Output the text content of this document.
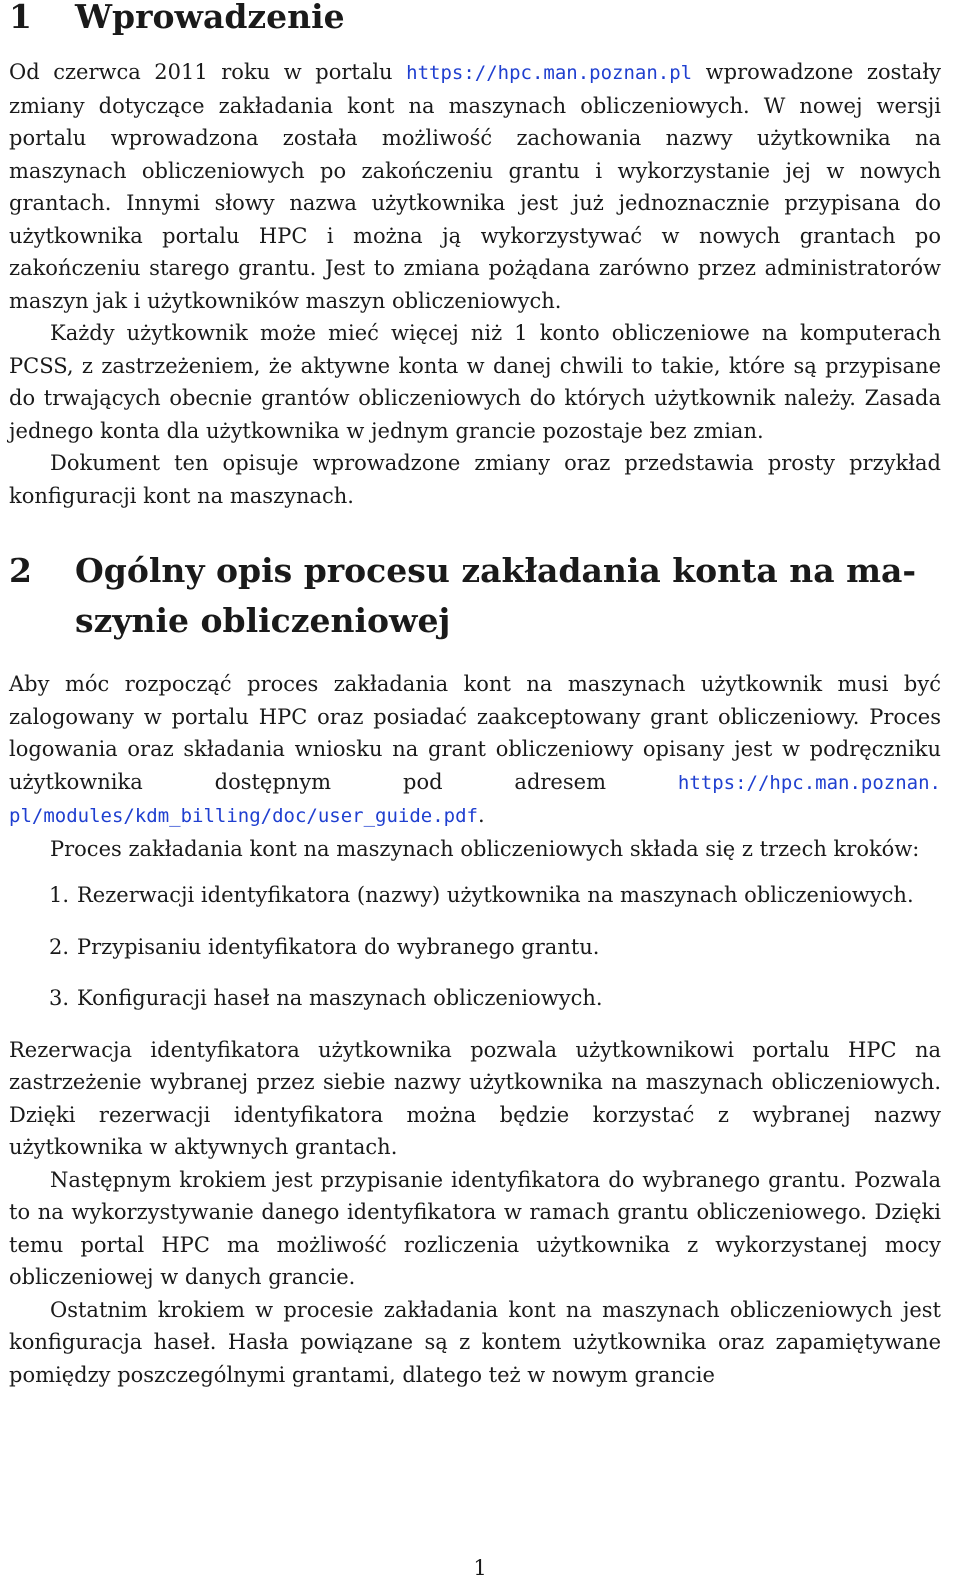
1	Wprowadzenie

Od czerwca 2011 roku w portalu https://hpc.man.poznan.pl wprowadzone zostały zmiany dotyczące zakładania kont na maszynach obliczeniowych. W nowej wersji portalu wprowadzona została możliwość zachowania nazwy użytkownika na maszynach obliczeniowych po zakończeniu grantu i wykorzystanie jej w nowych grantach. Innymi słowy nazwa użytkownika jest już jednoznacznie przypisana do użytkownika portalu HPC i można ją wykorzystywać w nowych grantach po zakończeniu starego grantu. Jest to zmiana pożądana zarówno przez administratorów maszyn jak i użytkowników maszyn obliczeniowych.

Każdy użytkownik może mieć więcej niż 1 konto obliczeniowe na komputerach PCSS, z zastrzeżeniem, że aktywne konta w danej chwili to takie, które są przypisane do trwających obecnie grantów obliczeniowych do których użytkownik należy. Zasada jednego konta dla użytkownika w jednym grancie pozostaje bez zmian.

Dokument ten opisuje wprowadzone zmiany oraz przedstawia prosty przykład konfiguracji kont na maszynach.

2	Ogólny opis procesu zakładania konta na maszynie obliczeniowej

Aby móc rozpocząć proces zakładania kont na maszynach użytkownik musi być zalogowany w portalu HPC oraz posiadać zaakceptowany grant obliczeniowy. Proces logowania oraz składania wniosku na grant obliczeniowy opisany jest w podręczniku użytkownika dostępnym pod adresem https://hpc.man.poznan.​pl/modules/kdm_billing/doc/user_guide.pdf.

Proces zakładania kont na maszynach obliczeniowych składa się z trzech kroków:

1. Rezerwacji identyfikatora (nazwy) użytkownika na maszynach obliczeniowych.
2. Przypisaniu identyfikatora do wybranego grantu.
3. Konfiguracji haseł na maszynach obliczeniowych.

Rezerwacja identyfikatora użytkownika pozwala użytkownikowi portalu HPC na zastrzeżenie wybranej przez siebie nazwy użytkownika na maszynach obliczeniowych. Dzięki rezerwacji identyfikatora można będzie korzystać z wybranej nazwy użytkownika w aktywnych grantach.

Następnym krokiem jest przypisanie identyfikatora do wybranego grantu. Pozwala to na wykorzystywanie danego identyfikatora w ramach grantu obliczeniowego. Dzięki temu portal HPC ma możliwość rozliczenia użytkownika z wykorzystanej mocy obliczeniowej w danych grancie.

Ostatnim krokiem w procesie zakładania kont na maszynach obliczeniowych jest konfiguracja haseł. Hasła powiązane są z kontem użytkownika oraz zapamiętywane pomiędzy poszczególnymi grantami, dlatego też w nowym grancie

1
